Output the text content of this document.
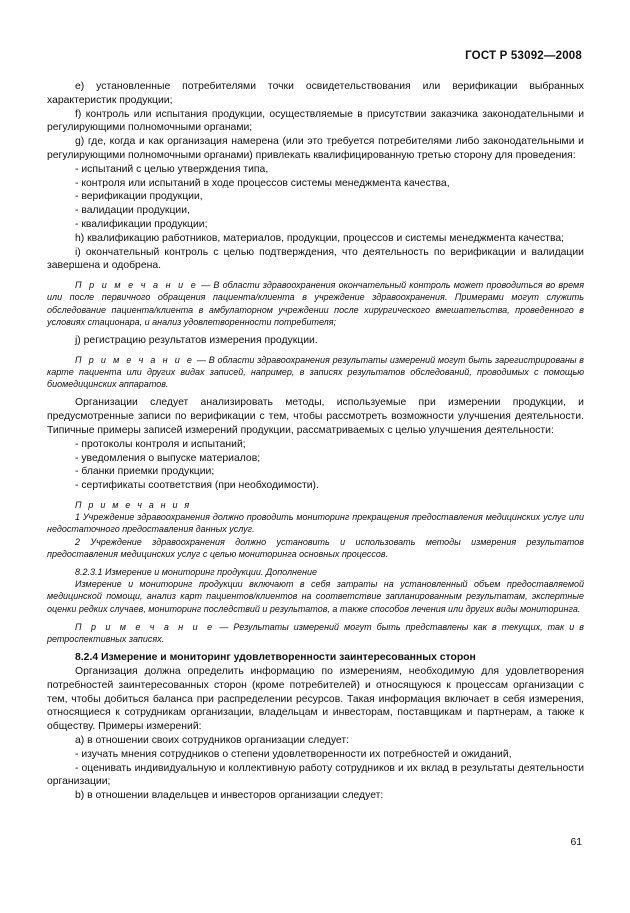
ГОСТ Р 53092—2008

е) установленные потребителями точки освидетельствования или верификации выбранных характеристик продукции;

f) контроль или испытания продукции, осуществляемые в присутствии заказчика законодательными и регулирующими полномочными органами;

g) где, когда и как организация намерена (или это требуется потребителями либо законодательными и регулирующими полномочными органами) привлекать квалифицированную третью сторону для проведения:

- испытаний с целью утверждения типа,

- контроля или испытаний в ходе процессов системы менеджмента качества,

- верификации продукции,

- валидации продукции,

- квалификации продукции;

h) квалификацию работников, материалов, продукции, процессов и системы менеджмента качества;

i) окончательный контроль с целью подтверждения, что деятельность по верификации и валидации завершена и одобрена.

П р и м е ч а н и е — В области здравоохранения окончательный контроль может проводиться во время или после первичного обращения пациента/клиента в учреждение здравоохранения. Примерами могут служить обследование пациента/клиента в амбулаторном учреждении после хирургического вмешательства, проведенного в условиях стационара, и анализ удовлетворенности потребителя;

j) регистрацию результатов измерения продукции.

П р и м е ч а н и е — В области здравоохранения результаты измерений могут быть зарегистрированы в карте пациента или других видах записей, например, в записях результатов обследований, проводимых с помощью биомедицинских аппаратов.

Организации следует анализировать методы, используемые при измерении продукции, и предусмотренные записи по верификации с тем, чтобы рассмотреть возможности улучшения деятельности. Типичные примеры записей измерений продукции, рассматриваемых с целью улучшения деятельности:

- протоколы контроля и испытаний;

- уведомления о выпуске материалов;

- бланки приемки продукции;

- сертификаты соответствия (при необходимости).

П р и м е ч а н и я

1 Учреждение здравоохранения должно проводить мониторинг прекращения предоставления медицинских услуг или недостаточного предоставления данных услуг.

2 Учреждение здравоохранения должно установить и использовать методы измерения результатов предоставления медицинских услуг с целью мониторинга основных процессов.

8.2.3.1 Измерение и мониторинг продукции. Дополнение

Измерение и мониторинг продукции включают в себя затраты на установленный объем предоставляемой медицинской помощи, анализ карт пациентов/клиентов на соответствие запланированным результатам, экспертные оценки редких случаев, мониторинг последствий и результатов, а также способов лечения или других виды мониторинга.

П р и м е ч а н и е — Результаты измерений могут быть представлены как в текущих, так и в ретроспективных записях.

8.2.4 Измерение и мониторинг удовлетворенности заинтересованных сторон

Организация должна определить информацию по измерениям, необходимую для удовлетворения потребностей заинтересованных сторон (кроме потребителей) и относящуюся к процессам организации с тем, чтобы добиться баланса при распределении ресурсов. Такая информация включает в себя измерения, относящиеся к сотрудникам организации, владельцам и инвесторам, поставщикам и партнерам, а также к обществу. Примеры измерений:

а) в отношении своих сотрудников организации следует:

- изучать мнения сотрудников о степени удовлетворенности их потребностей и ожиданий,

- оценивать индивидуальную и коллективную работу сотрудников и их вклад в результаты деятельности организации;

b) в отношении владельцев и инвесторов организации следует:

61
